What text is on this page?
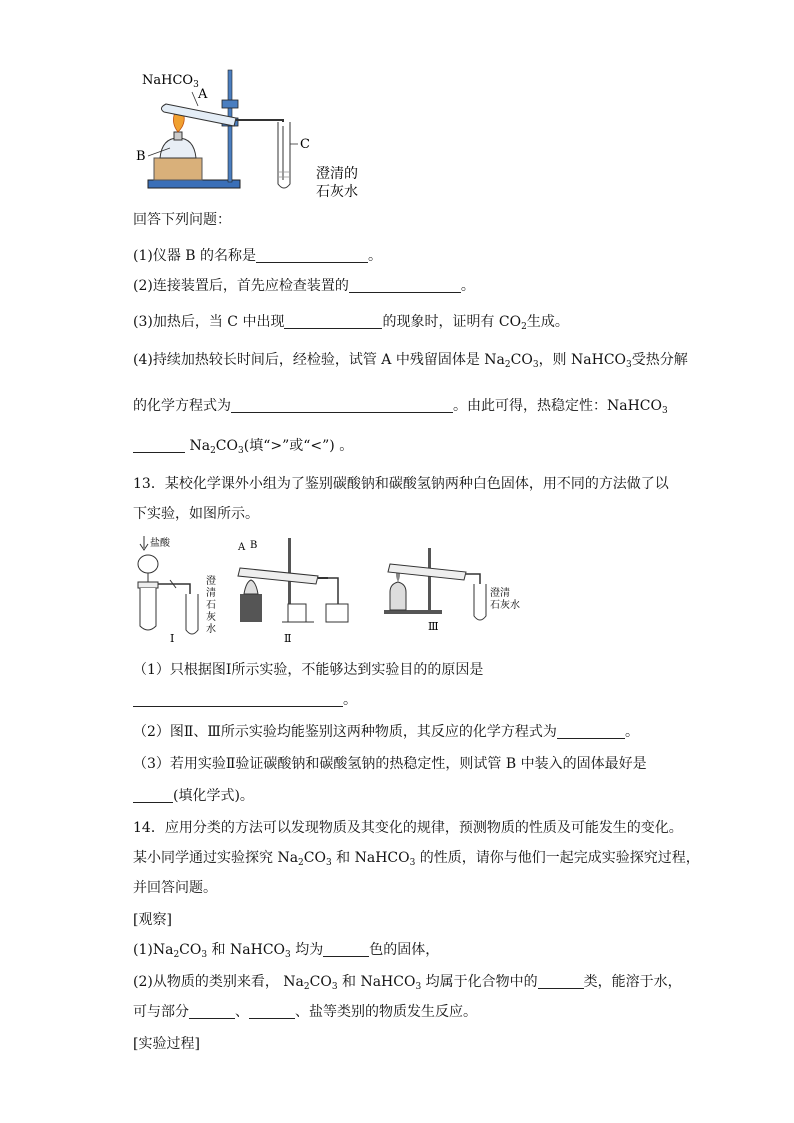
NaHCO$_3$
A
B
C
澄清的
石灰水
回答下列问题：
(1)仪器 B 的名称是	。
(2)连接装置后，首先应检查装置的	。
(3)加热后，当 C 中出现	的现象时，证明有 $CO_2$生成。
(4)持续加热较长时间后，经检验，试管 A 中残留固体是 $Na_2CO_3$，则 NaHCO$_3$受热分解
的化学方程式为	。由此可得，热稳定性：NaHCO$_3$
$Na_2CO_3$(填“>”或“<”) 。
13．某校化学课外小组为了鉴别碳酸钠和碳酸氢钠两种白色固体，用不同的方法做了以
下实验，如图所示。
盐酸
澄
清
石
灰
水
Ⅰ
A B
Ⅱ
澄清
石灰水
Ⅲ
（1）只根据图Ⅰ所示实验，不能够达到实验目的的原因是
。
（2）图Ⅱ、Ⅲ所示实验均能鉴别这两种物质，其反应的化学方程式为	。
（3）若用实验Ⅱ验证碳酸钠和碳酸氢钠的热稳定性，则试管 B 中装入的固体最好是
(填化学式)。
14．应用分类的方法可以发现物质及其变化的规律，预测物质的性质及可能发生的变化。
某小同学通过实验探究 $Na_2CO_3$ 和 NaHCO$_3$ 的性质，请你与他们一起完成实验探究过程，
并回答问题。
[观察]
$(1)Na_2CO_3$ 和 NaHCO$_3$ 均为	色的固体，
(2)从物质的类别来看， $Na_2CO_3$ 和 NaHCO$_3$ 均属于化合物中的	类，能溶于水，
可与部分	、	、盐等类别的物质发生反应。
[实验过程]
